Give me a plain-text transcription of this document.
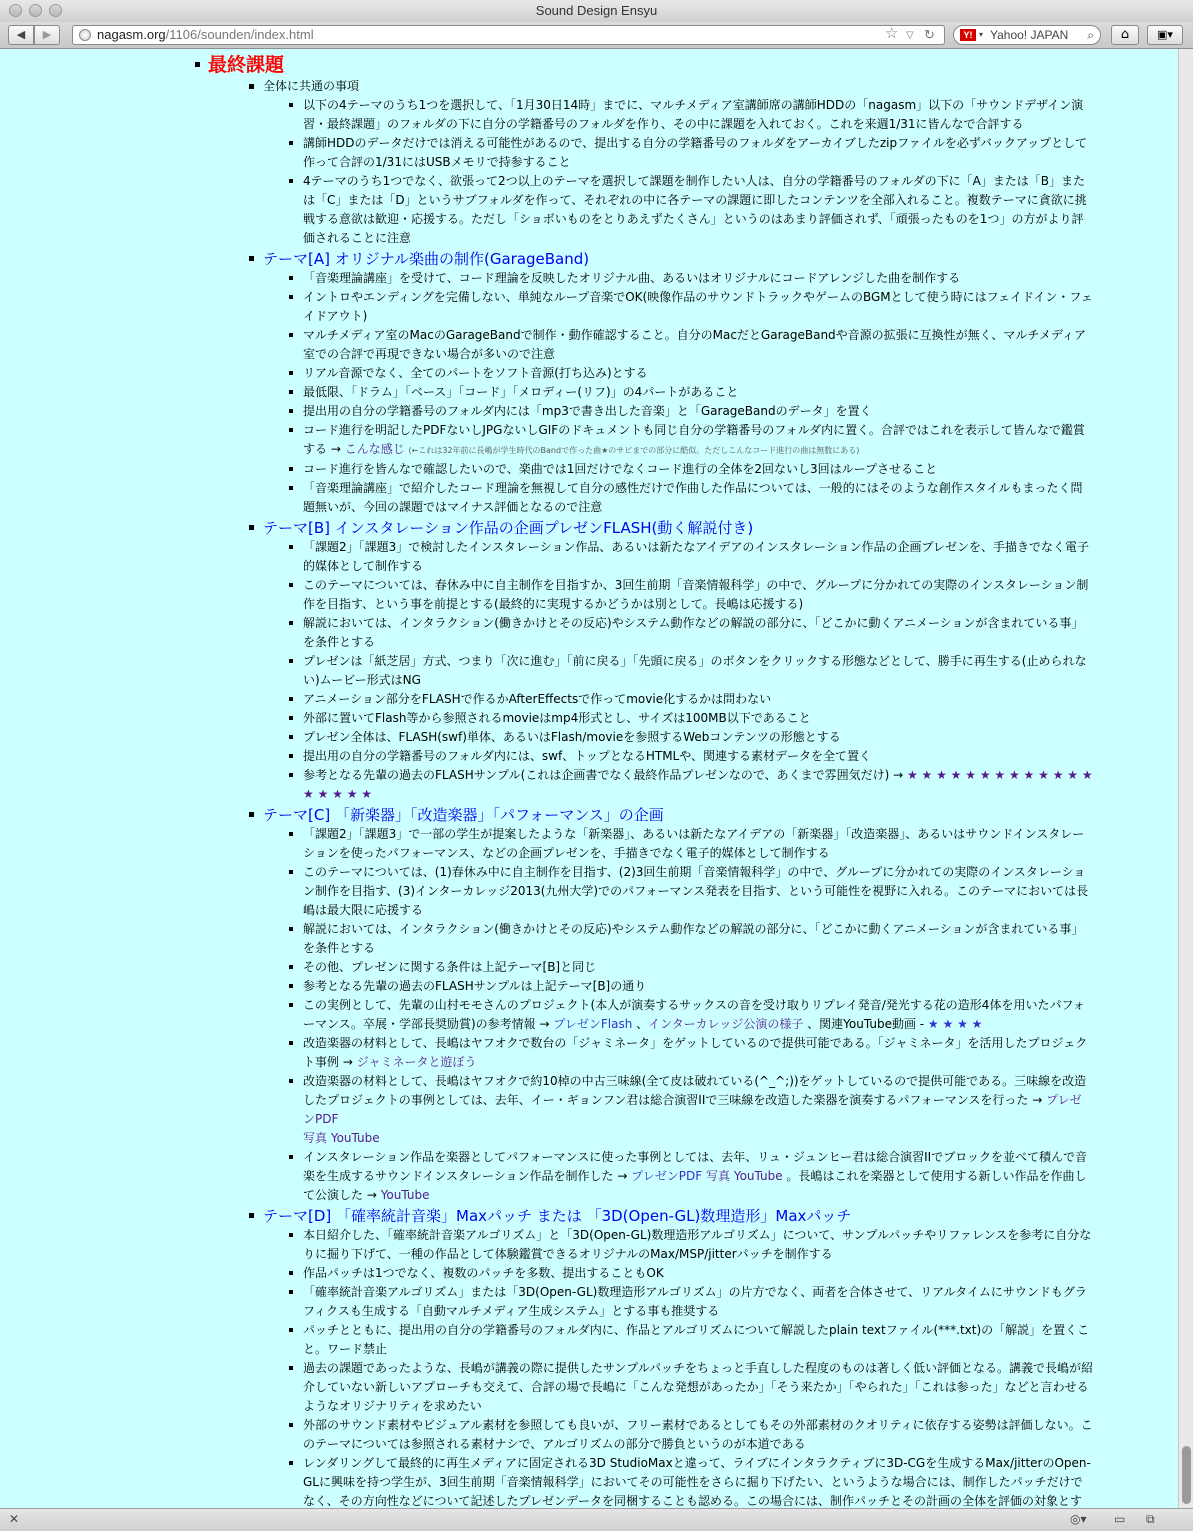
Sound Design Ensyu
◀	▶	nagasm.org/1106/sounden/index.html	☆ ▽ ↻	Y! ▾ Yahoo! JAPAN ⌕	⌂	▣▾
最終課題
全体に共通の事項
以下の4テーマのうち1つを選択して、「1月30日14時」までに、マルチメディア室講師席の講師HDDの「nagasm」以下の「サウンドデザイン演習・最終課題」のフォルダの下に自分の学籍番号のフォルダを作り、その中に課題を入れておく。これを来週1/31に皆んなで合評する
講師HDDのデータだけでは消える可能性があるので、提出する自分の学籍番号のフォルダをアーカイブしたzipファイルを必ずバックアップとして作って合評の1/31にはUSBメモリで持参すること
4テーマのうち1つでなく、欲張って2つ以上のテーマを選択して課題を制作したい人は、自分の学籍番号のフォルダの下に「A」または「B」または「C」または「D」というサブフォルダを作って、それぞれの中に各テーマの課題に即したコンテンツを全部入れること。複数テーマに貪欲に挑戦する意欲は歓迎・応援する。ただし「ショボいものをとりあえずたくさん」というのはあまり評価されず、「頑張ったものを1つ」の方がより評価されることに注意
テーマ[A] オリジナル楽曲の制作(GarageBand)
「音楽理論講座」を受けて、コード理論を反映したオリジナル曲、あるいはオリジナルにコードアレンジした曲を制作する
イントロやエンディングを完備しない、単純なループ音楽でOK(映像作品のサウンドトラックやゲームのBGMとして使う時にはフェイドイン・フェイドアウト)
マルチメディア室のMacのGarageBandで制作・動作確認すること。自分のMacだとGarageBandや音源の拡張に互換性が無く、マルチメディア室での合評で再現できない場合が多いので注意
リアル音源でなく、全てのパートをソフト音源(打ち込み)とする
最低限、「ドラム」「ベース」「コード」「メロディー(リフ)」の4パートがあること
提出用の自分の学籍番号のフォルダ内には「mp3で書き出した音楽」と「GarageBandのデータ」を置く
コード進行を明記したPDFないしJPGないしGIFのドキュメントも同じ自分の学籍番号のフォルダ内に置く。合評ではこれを表示して皆んなで鑑賞する → こんな感じ (←これは32年前に長嶋が学生時代のBandで作った曲★のサビまでの部分に酷似。ただしこんなコード進行の曲は無数にある)
コード進行を皆んなで確認したいので、楽曲では1回だけでなくコード進行の全体を2回ないし3回はループさせること
「音楽理論講座」で紹介したコード理論を無視して自分の感性だけで作曲した作品については、一般的にはそのような創作スタイルもまったく問題無いが、今回の課題ではマイナス評価となるので注意
テーマ[B] インスタレーション作品の企画プレゼンFLASH(動く解説付き)
「課題2」「課題3」で検討したインスタレーション作品、あるいは新たなアイデアのインスタレーション作品の企画プレゼンを、手描きでなく電子的媒体として制作する
このテーマについては、春休み中に自主制作を目指すか、3回生前期「音楽情報科学」の中で、グループに分かれての実際のインスタレーション制作を目指す、という事を前提とする(最終的に実現するかどうかは別として。長嶋は応援する)
解説においては、インタラクション(働きかけとその反応)やシステム動作などの解説の部分に、「どこかに動くアニメーションが含まれている事」を条件とする
プレゼンは「紙芝居」方式、つまり「次に進む」「前に戻る」「先頭に戻る」のボタンをクリックする形態などとして、勝手に再生する(止められない)ムービー形式はNG
アニメーション部分をFLASHで作るかAfterEffectsで作ってmovie化するかは問わない
外部に置いてFlash等から参照されるmovieはmp4形式とし、サイズは100MB以下であること
プレゼン全体は、FLASH(swf)単体、あるいはFlash/movieを参照するWebコンテンツの形態とする
提出用の自分の学籍番号のフォルダ内には、swf、トップとなるHTMLや、関連する素材データを全て置く
参考となる先輩の過去のFLASHサンプル(これは企画書でなく最終作品プレゼンなので、あくまで雰囲気だけ) → ★ ★ ★ ★ ★ ★ ★ ★ ★ ★ ★ ★ ★ ★ ★ ★ ★ ★
テーマ[C] 「新楽器」「改造楽器」「パフォーマンス」の企画
「課題2」「課題3」で一部の学生が提案したような「新楽器」、あるいは新たなアイデアの「新楽器」「改造楽器」、あるいはサウンドインスタレーションを使ったパフォーマンス、などの企画プレゼンを、手描きでなく電子的媒体として制作する
このテーマについては、(1)春休み中に自主制作を目指す、(2)3回生前期「音楽情報科学」の中で、グループに分かれての実際のインスタレーション制作を目指す、(3)インターカレッジ2013(九州大学)でのパフォーマンス発表を目指す、という可能性を視野に入れる。このテーマにおいては長嶋は最大限に応援する
解説においては、インタラクション(働きかけとその反応)やシステム動作などの解説の部分に、「どこかに動くアニメーションが含まれている事」を条件とする
その他、プレゼンに関する条件は上記テーマ[B]と同じ
参考となる先輩の過去のFLASHサンプルは上記テーマ[B]の通り
この実例として、先輩の山村モモさんのプロジェクト(本人が演奏するサックスの音を受け取りリプレイ発音/発光する花の造形4体を用いたパフォーマンス。卒展・学部長奨励賞)の参考情報 → プレゼンFlash 、インターカレッジ公演の様子 、関連YouTube動画 - ★ ★ ★ ★
改造楽器の材料として、長嶋はヤフオクで数台の「ジャミネータ」をゲットしているので提供可能である。「ジャミネータ」を活用したプロジェクト事例 → ジャミネータと遊ぼう
改造楽器の材料として、長嶋はヤフオクで約10棹の中古三味線(全て皮は破れている(^_^;))をゲットしているので提供可能である。三味線を改造したプロジェクトの事例としては、去年、イー・ギョンフン君は総合演習IIで三味線を改造した楽器を演奏するパフォーマンスを行った → プレゼンPDF
写真 YouTube
インスタレーション作品を楽器としてパフォーマンスに使った事例としては、去年、リュ・ジュンヒー君は総合演習IIでブロックを並べて積んで音楽を生成するサウンドインスタレーション作品を制作した → プレゼンPDF 写真 YouTube 。長嶋はこれを楽器として使用する新しい作品を作曲して公演した → YouTube
テーマ[D] 「確率統計音楽」Maxパッチ または 「3D(Open-GL)数理造形」Maxパッチ
本日紹介した、「確率統計音楽アルゴリズム」と「3D(Open-GL)数理造形アルゴリズム」について、サンプルパッチやリファレンスを参考に自分なりに掘り下げて、一種の作品として体験鑑賞できるオリジナルのMax/MSP/jitterパッチを制作する
作品パッチは1つでなく、複数のパッチを多数、提出することもOK
「確率統計音楽アルゴリズム」または「3D(Open-GL)数理造形アルゴリズム」の片方でなく、両者を合体させて、リアルタイムにサウンドもグラフィクスも生成する「自動マルチメディア生成システム」とする事も推奨する
パッチとともに、提出用の自分の学籍番号のフォルダ内に、作品とアルゴリズムについて解説したplain textファイル(***.txt)の「解説」を置くこと。ワード禁止
過去の課題であったような、長嶋が講義の際に提供したサンプルパッチをちょっと手直しした程度のものは著しく低い評価となる。講義で長嶋が紹介していない新しいアプローチも交えて、合評の場で長嶋に「こんな発想があったか」「そう来たか」「やられた」「これは参った」などと言わせるようなオリジナリティを求めたい
外部のサウンド素材やビジュアル素材を参照しても良いが、フリー素材であるとしてもその外部素材のクオリティに依存する姿勢は評価しない。このテーマについては参照される素材ナシで、アルゴリズムの部分で勝負というのが本道である
レンダリングして最終的に再生メディアに固定される3D StudioMaxと違って、ライブにインタラクティブに3D-CGを生成するMax/jitterのOpen-GLに興味を持つ学生が、3回生前期「音楽情報科学」においてその可能性をさらに掘り下げたい、というような場合には、制作したパッチだけでなく、その方向性などについて記述したプレゼンデータを同梱することも認める。この場合には、制作パッチとその計画の全体を評価の対象とす
✕	◎▾ ▭ ⧉
